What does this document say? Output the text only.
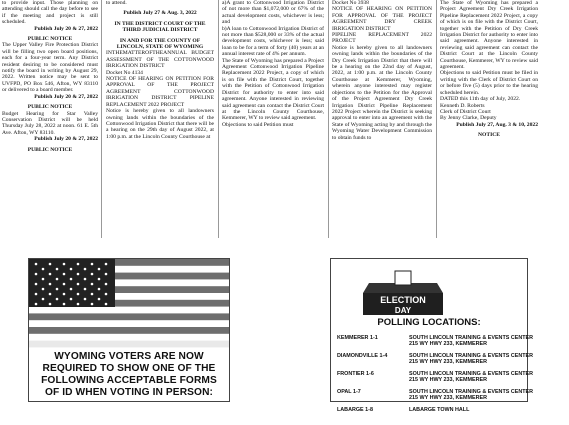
to provide input. Those planning on attending should call the day before to see if the meeting and project is still scheduled.

Publish July 20 & 27, 2022

PUBLIC NOTICE

The Upper Valley Fire Protection District will be filling two open board positions, each for a four-year term. Any District resident desiring to be considered must notify the board in writing by August 29, 2022. Written notice may be sent to UVFPD, PO Box 546, Afton, WY 83110 or delivered to a board member.

Publish July 20 & 27, 2022

PUBLIC NOTICE

Budget Hearing for Star Valley Conservation District will be held Thursday July 28, 2022 at noon. 61 E. 5th Ave. Afton, WY 83110.

Publish July 20 & 27, 2022

PUBLIC NOTICE

to attend.

Publish July 27 & Aug. 3, 2022

IN THE DISTRICT COURT OF THE THIRD JUDICIAL DISTRICT

IN AND FOR THE COUNTY OF LINCOLN, STATE OF WYOMING

INTHEMATTEROFTHEANNUAL BUDGET ASSESSMENT OF THE COTTONWOOD IRRIGATION DISTRICT

Docket No 4134

NOTICE OF HEARING ON PETITION FOR APPROVAL OF THE PROJECT AGREEMENT COTTONWOOD IRRIGATION DISTRICT PIPELINE REPLACEMENT 2022 PROJECT

Notice is hereby given to all landowners owning lands within the boundaries of the Cottonwood Irrigation District that there will be a hearing on the 29th day of August 2022, at 1:00 p.m. at the Lincoln County Courthouse at

a)A grant to Cottonwood Irrigation District of not more than $1,072,000 or 67% of the actual development costs, whichever is less; and

b)A loan to Cottonwood Irrigation District of not more than $528,000 or 33% of the actual development costs, whichever is less; said loan to be for a term of forty (40) years at an annual interest rate of 4% per annum.

The State of Wyoming has prepared a Project Agreement Cottonwood Irrigation Pipeline Replacement 2022 Project, a copy of which is on file with the District Court, together with the Petition of Cottonwood Irrigation District for authority to enter into said agreement. Anyone interested in reviewing said agreement can contact the District Court at the Lincoln County Courthouse, Kemmerer, WY to review said agreement.

Objections to said Petition must

Docket No 3938

NOTICE OF HEARING ON PETITION FOR APPROVAL OF THE PROJECT AGREEMENT DRY CREEK IRRIGATION DISTRICT

PIPELINE REPLACEMENT 2022 PROJECT

Notice is hereby given to all landowners owning lands within the boundaries of the Dry Creek Irrigation District that there will be a hearing on the 22nd day of August, 2022, at 1:00 p.m. at the Lincoln County Courthouse at Kemmerer, Wyoming, wherein anyone interested may register objections to the Petition for the Approval of the Project Agreement Dry Creek Irrigation District Pipeline Replacement 2022 Project wherein the District is seeking approval to enter into an agreement with the State of Wyoming acting by and through the Wyoming Water Development Commission to obtain funds to

The State of Wyoming has prepared a Project Agreement Dry Creek Irrigation Pipeline Replacement 2022 Project, a copy of which is on file with the District Court, together with the Petition of Dry Creek Irrigation District for authority to enter into said agreement. Anyone interested in reviewing said agreement can contact the District Court at the Lincoln County Courthouse, Kemmerer, WY to review said agreement.

Objections to said Petition must be filed in writing with the Clerk of District Court on or before five (5) days prior to the hearing scheduled herein.

DATED this 11th day of July, 2022.

Kenneth D. Roberts

Clerk of District Court

By Jenny Clarke, Deputy

Publish July 27, Aug. 3 & 10, 2022

NOTICE

WYOMING VOTERS ARE NOW
REQUIRED TO SHOW ONE OF THE
FOLLOWING ACCEPTABLE FORMS
OF ID WHEN VOTING IN PERSON:
ELECTION
DAY
POLLING LOCATIONS:
KEMMERER 1-1	SOUTH LINCOLN TRAINING & EVENTS CENTER
215 WY HWY 233, KEMMERER
DIAMONDVILLE 1-4	SOUTH LINCOLN TRAINING & EVENTS CENTER
215 WY HWY 233, KEMMERER
FRONTIER 1-6	SOUTH LINCOLN TRAINING & EVENTS CENTER
215 WY HWY 233, KEMMERER
OPAL 1-7	SOUTH LINCOLN TRAINING & EVENTS CENTER
215 WY HWY 233, KEMMERER
LABARGE 1-8	LABARGE TOWN HALL
